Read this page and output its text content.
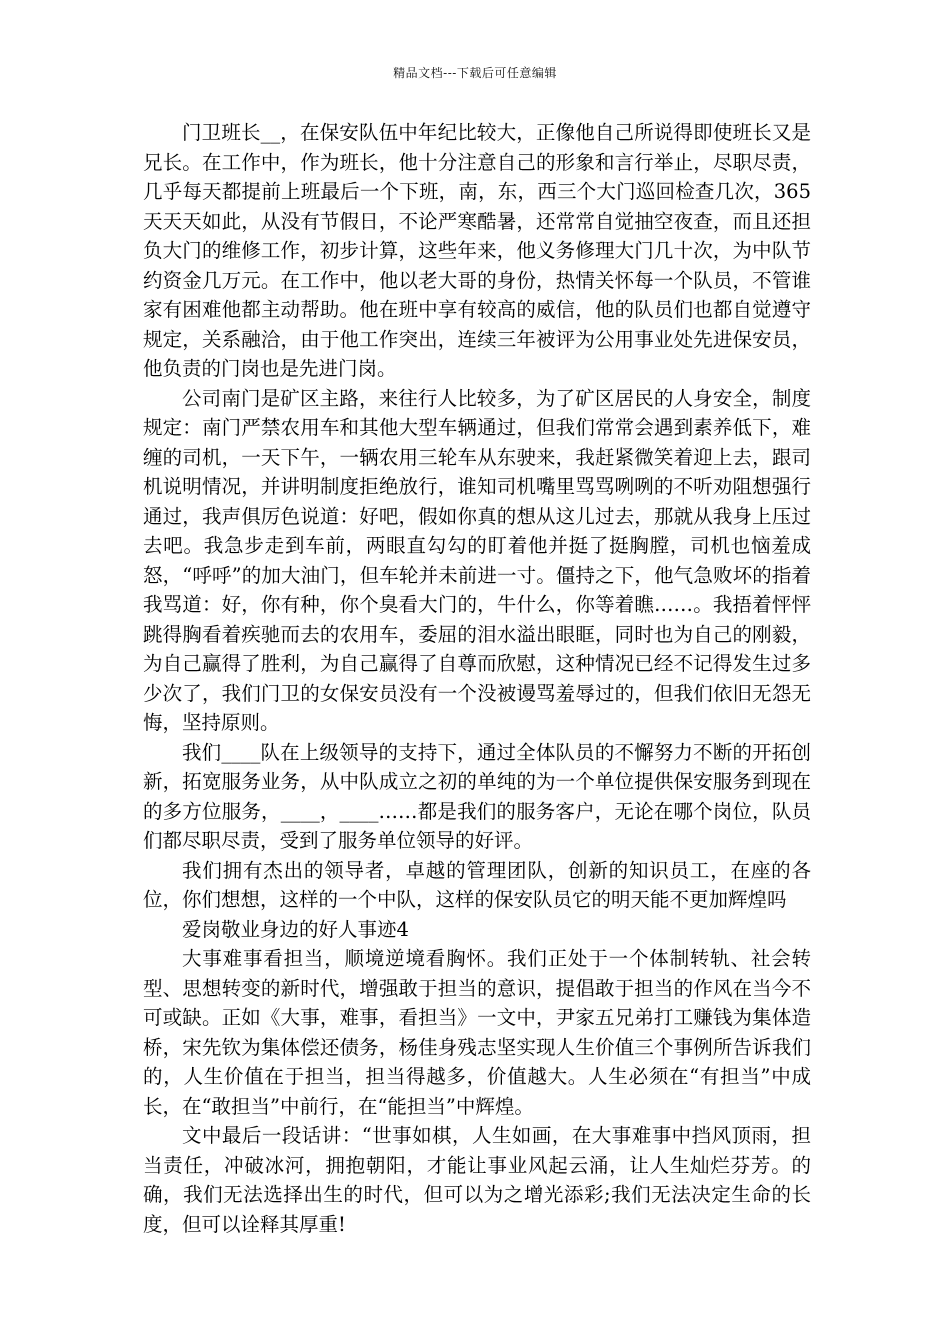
精品文档---下载后可任意编辑

门卫班长__，在保安队伍中年纪比较大，正像他自己所说得即使班长又是兄长。在工作中，作为班长，他十分注意自己的形象和言行举止，尽职尽责，几乎每天都提前上班最后一个下班，南，东，西三个大门巡回检查几次，365天天天如此，从没有节假日，不论严寒酷暑，还常常自觉抽空夜查，而且还担负大门的维修工作，初步计算，这些年来，他义务修理大门几十次，为中队节约资金几万元。在工作中，他以老大哥的身份，热情关怀每一个队员，不管谁家有困难他都主动帮助。他在班中享有较高的威信，他的队员们也都自觉遵守规定，关系融洽，由于他工作突出，连续三年被评为公用事业处先进保安员，他负责的门岗也是先进门岗。

公司南门是矿区主路，来往行人比较多，为了矿区居民的人身安全，制度规定：南门严禁农用车和其他大型车辆通过，但我们常常会遇到素养低下，难缠的司机，一天下午，一辆农用三轮车从东驶来，我赶紧微笑着迎上去，跟司机说明情况，并讲明制度拒绝放行，谁知司机嘴里骂骂咧咧的不听劝阻想强行通过，我声俱厉色说道：好吧，假如你真的想从这儿过去，那就从我身上压过去吧。我急步走到车前，两眼直勾勾的盯着他并挺了挺胸膛，司机也恼羞成怒，“呼呼”的加大油门，但车轮并未前进一寸。僵持之下，他气急败坏的指着我骂道：好，你有种，你个臭看大门的，牛什么，你等着瞧……。我捂着怦怦跳得胸看着疾驰而去的农用车，委屈的泪水溢出眼眶，同时也为自己的刚毅，为自己赢得了胜利，为自己赢得了自尊而欣慰，这种情况已经不记得发生过多少次了，我们门卫的女保安员没有一个没被谩骂羞辱过的，但我们依旧无怨无悔，坚持原则。

我们____队在上级领导的支持下，通过全体队员的不懈努力不断的开拓创新，拓宽服务业务，从中队成立之初的单纯的为一个单位提供保安服务到现在的多方位服务，____，____……都是我们的服务客户，无论在哪个岗位，队员们都尽职尽责，受到了服务单位领导的好评。

我们拥有杰出的领导者，卓越的管理团队，创新的知识员工，在座的各位，你们想想，这样的一个中队，这样的保安队员它的明天能不更加辉煌吗

爱岗敬业身边的好人事迹4

大事难事看担当，顺境逆境看胸怀。我们正处于一个体制转轨、社会转型、思想转变的新时代，增强敢于担当的意识，提倡敢于担当的作风在当今不可或缺。正如《大事，难事，看担当》一文中，尹家五兄弟打工赚钱为集体造桥，宋先钦为集体偿还债务，杨佳身残志坚实现人生价值三个事例所告诉我们的，人生价值在于担当，担当得越多，价值越大。人生必须在“有担当”中成长，在“敢担当”中前行，在“能担当”中辉煌。

文中最后一段话讲：“世事如棋，人生如画，在大事难事中挡风顶雨，担当责任，冲破冰河，拥抱朝阳，才能让事业风起云涌，让人生灿烂芬芳。的确，我们无法选择出生的时代，但可以为之增光添彩;我们无法决定生命的长度，但可以诠释其厚重!
